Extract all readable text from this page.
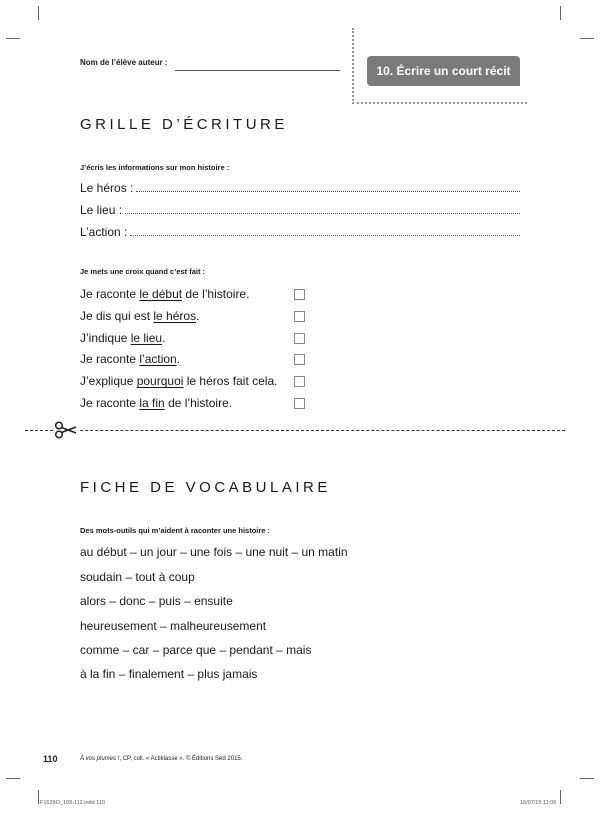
Nom de l’élève auteur :
10. Écrire un court récit
GRILLE D’ÉCRITURE
J’écris les informations sur mon histoire :
Le héros :
Le lieu :
L’action :
Je mets une croix quand c’est fait :
Je raconte le début de l’histoire.
Je dis qui est le héros.
J’indique le lieu.
Je raconte l’action.
J’explique pourquoi le héros fait cela.
Je raconte la fin de l’histoire.
FICHE DE VOCABULAIRE
Des mots-outils qui m’aident à raconter une histoire :
au début – un jour – une fois – une nuit – un matin
soudain – tout à coup
alors – donc – puis – ensuite
heureusement – malheureusement
comme – car – parce que – pendant – mais
à la fin – finalement – plus jamais
110	À vos plumes !, CP, coll. « Actiklasse ». © Éditions Sed 2015.
F1629O_103-112.indd 110	16/07/15 11:05
